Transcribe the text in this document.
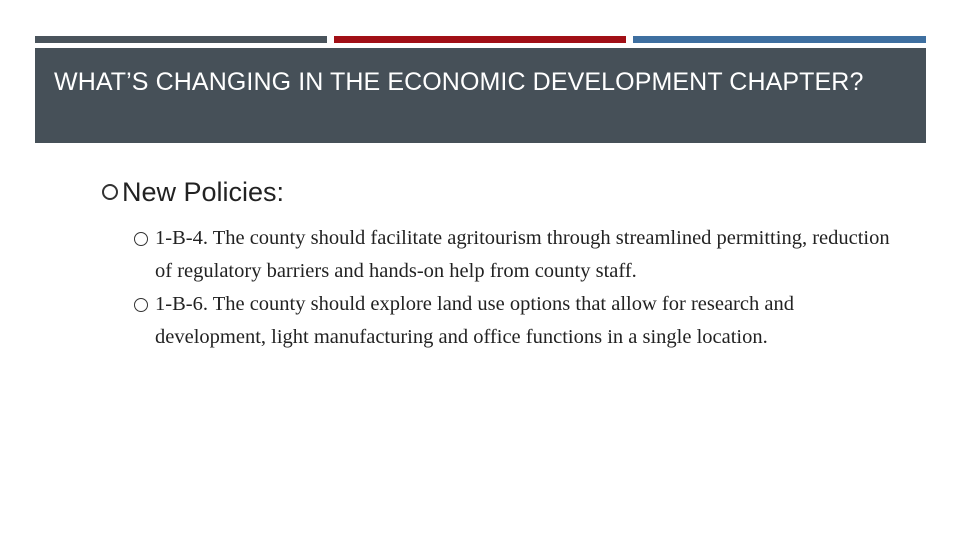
WHAT’S CHANGING IN THE ECONOMIC DEVELOPMENT CHAPTER?
New Policies:
1-B-4. The county should facilitate agritourism through streamlined permitting, reduction of regulatory barriers and hands-on help from county staff.
1-B-6. The county should explore land use options that allow for research and development, light manufacturing and office functions in a single location.
